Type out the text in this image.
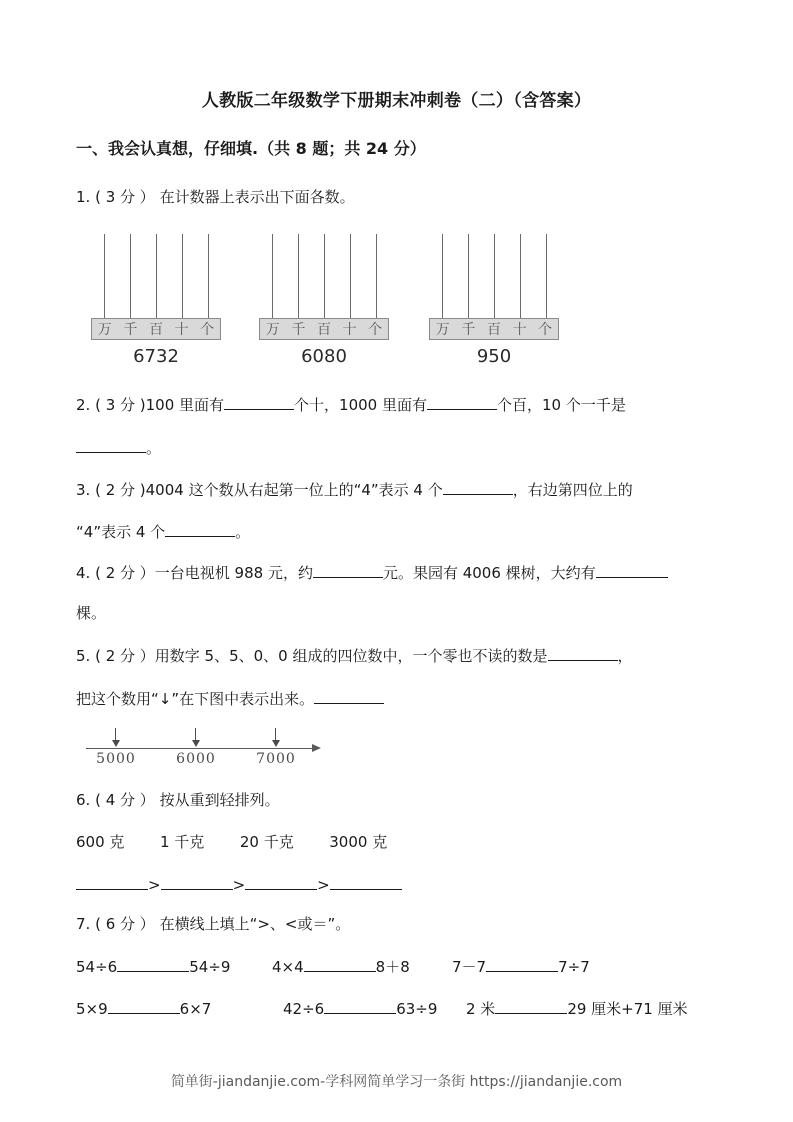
人教版二年级数学下册期末冲刺卷（二）（含答案）
一、我会认真想，仔细填.（共 8 题；共 24 分）
1. ( 3 分 ） 在计数器上表示出下面各数。
万 千 百 十 个
6732
万 千 百 十 个
6080
万 千 百 十 个
950
2. ( 3 分 )100 里面有	个十，1000 里面有	个百，10 个一千是
。
3. ( 2 分 )4004 这个数从右起第一位上的“4”表示 4 个	，右边第四位上的
“4”表示 4 个	。
4. ( 2 分 ）一台电视机 988 元，约	元。果园有 4006 棵树，大约有
棵。
5. ( 2 分 ）用数字 5、5、0、0 组成的四位数中，一个零也不读的数是	，
把这个数用“↓”在下图中表示出来。
5000	6000	7000
6. ( 4 分 ） 按从重到轻排列。
600 克 1 千克 20 千克 3000 克
>	>	>
7. ( 6 分 ） 在横线上填上“>、<或＝”。
54÷6	54÷9	4×4	8＋8	7－7	7÷7
5×9	6×7	42÷6	63÷9 2 米	29 厘米+71 厘米
简单街-jiandanjie.com-学科网简单学习一条街 https://jiandanjie.com
